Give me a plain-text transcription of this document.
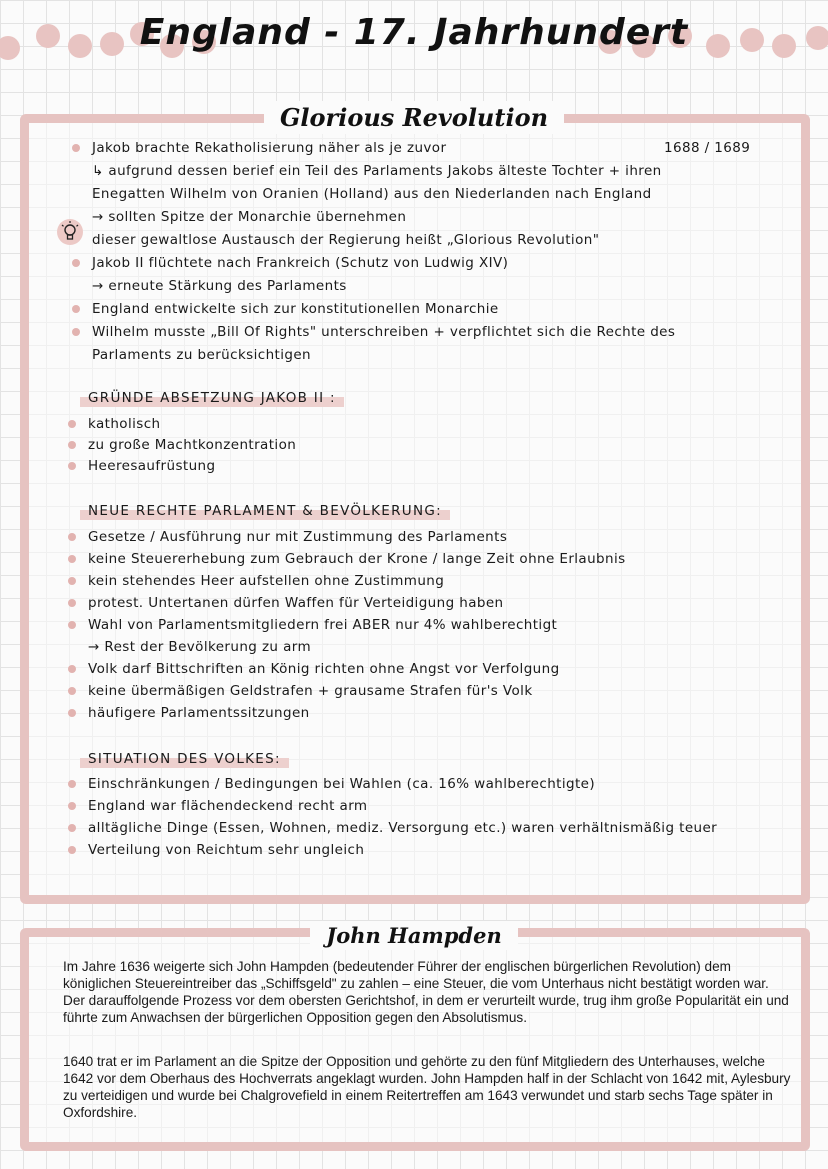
England - 17. Jahrhundert
Glorious Revolution
1688 / 1689
Jakob brachte Rekatholisierung näher als je zuvor
↳ aufgrund dessen berief ein Teil des Parlaments Jakobs älteste Tochter + ihren
Enegatten Wilhelm von Oranien (Holland) aus den Niederlanden nach England
→ sollten Spitze der Monarchie übernehmen
dieser gewaltlose Austausch der Regierung heißt „Glorious Revolution"
Jakob II flüchtete nach Frankreich (Schutz von Ludwig XIV)
→ erneute Stärkung des Parlaments
England entwickelte sich zur konstitutionellen Monarchie
Wilhelm musste „Bill Of Rights" unterschreiben + verpflichtet sich die Rechte des
Parlaments zu berücksichtigen
GRÜNDE ABSETZUNG JAKOB II :
katholisch
zu große Machtkonzentration
Heeresaufrüstung
NEUE RECHTE PARLAMENT & BEVÖLKERUNG:
Gesetze / Ausführung nur mit Zustimmung des Parlaments
keine Steuererhebung zum Gebrauch der Krone / lange Zeit ohne Erlaubnis
kein stehendes Heer aufstellen ohne Zustimmung
protest. Untertanen dürfen Waffen für Verteidigung haben
Wahl von Parlamentsmitgliedern frei ABER nur 4% wahlberechtigt
→ Rest der Bevölkerung zu arm
Volk darf Bittschriften an König richten ohne Angst vor Verfolgung
keine übermäßigen Geldstrafen + grausame Strafen für's Volk
häufigere Parlamentssitzungen
SITUATION DES VOLKES:
Einschränkungen / Bedingungen bei Wahlen (ca. 16% wahlberechtigte)
England war flächendeckend recht arm
alltägliche Dinge (Essen, Wohnen, mediz. Versorgung etc.) waren verhältnismäßig teuer
Verteilung von Reichtum sehr ungleich
John Hampden

Im Jahre 1636 weigerte sich John Hampden (bedeutender Führer der englischen bürgerlichen Revolution) dem königlichen Steuereintreiber das „Schiffsgeld" zu zahlen – eine Steuer, die vom Unterhaus nicht bestätigt worden war. Der darauffolgende Prozess vor dem obersten Gerichtshof, in dem er verurteilt wurde, trug ihm große Popularität ein und führte zum Anwachsen der bürgerlichen Opposition gegen den Absolutismus.

1640 trat er im Parlament an die Spitze der Opposition und gehörte zu den fünf Mitgliedern des Unterhauses, welche 1642 vor dem Oberhaus des Hochverrats angeklagt wurden. John Hampden half in der Schlacht von 1642 mit, Aylesbury zu verteidigen und wurde bei Chalgrovefield in einem Reitertreffen am 1643 verwundet und starb sechs Tage später in Oxfordshire.
